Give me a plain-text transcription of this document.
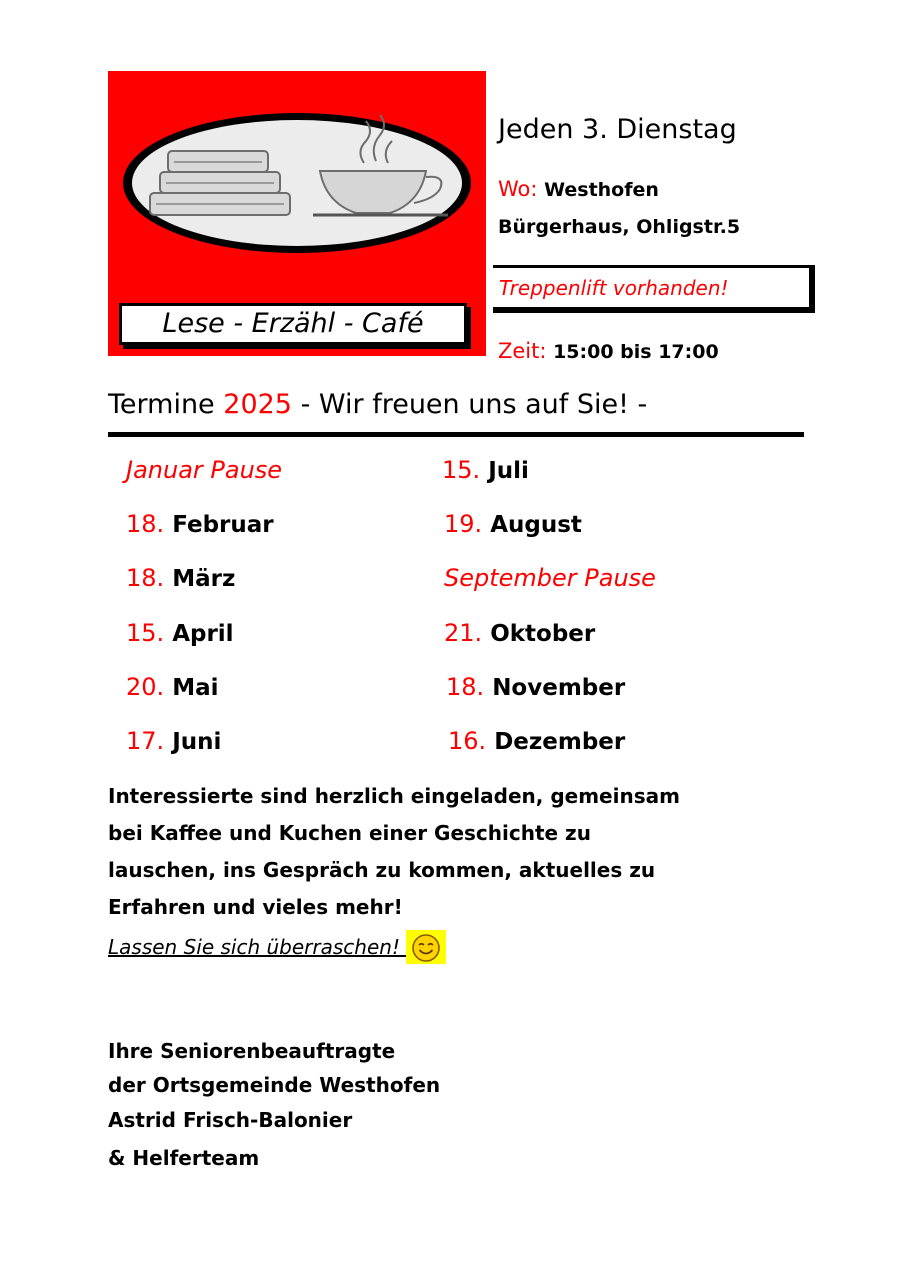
Lese - Erzähl - Café
Jeden 3. Dienstag
Wo: Westhofen
Bürgerhaus, Ohligstr.5
Treppenlift vorhanden!
Zeit: 15:00 bis 17:00
Termine 2025 - Wir freuen uns auf Sie! -
Januar Pause
18. Februar
18. März
15. April
20. Mai
17. Juni
15. Juli
19. August
September Pause
21. Oktober
18. November
16. Dezember
Interessierte sind herzlich eingeladen, gemeinsam
bei Kaffee und Kuchen einer Geschichte zu
lauschen, ins Gespräch zu kommen, aktuelles zu
Erfahren und vieles mehr!
Lassen Sie sich überraschen!
Ihre Seniorenbeauftragte
der Ortsgemeinde Westhofen
Astrid Frisch-Balonier
& Helferteam
